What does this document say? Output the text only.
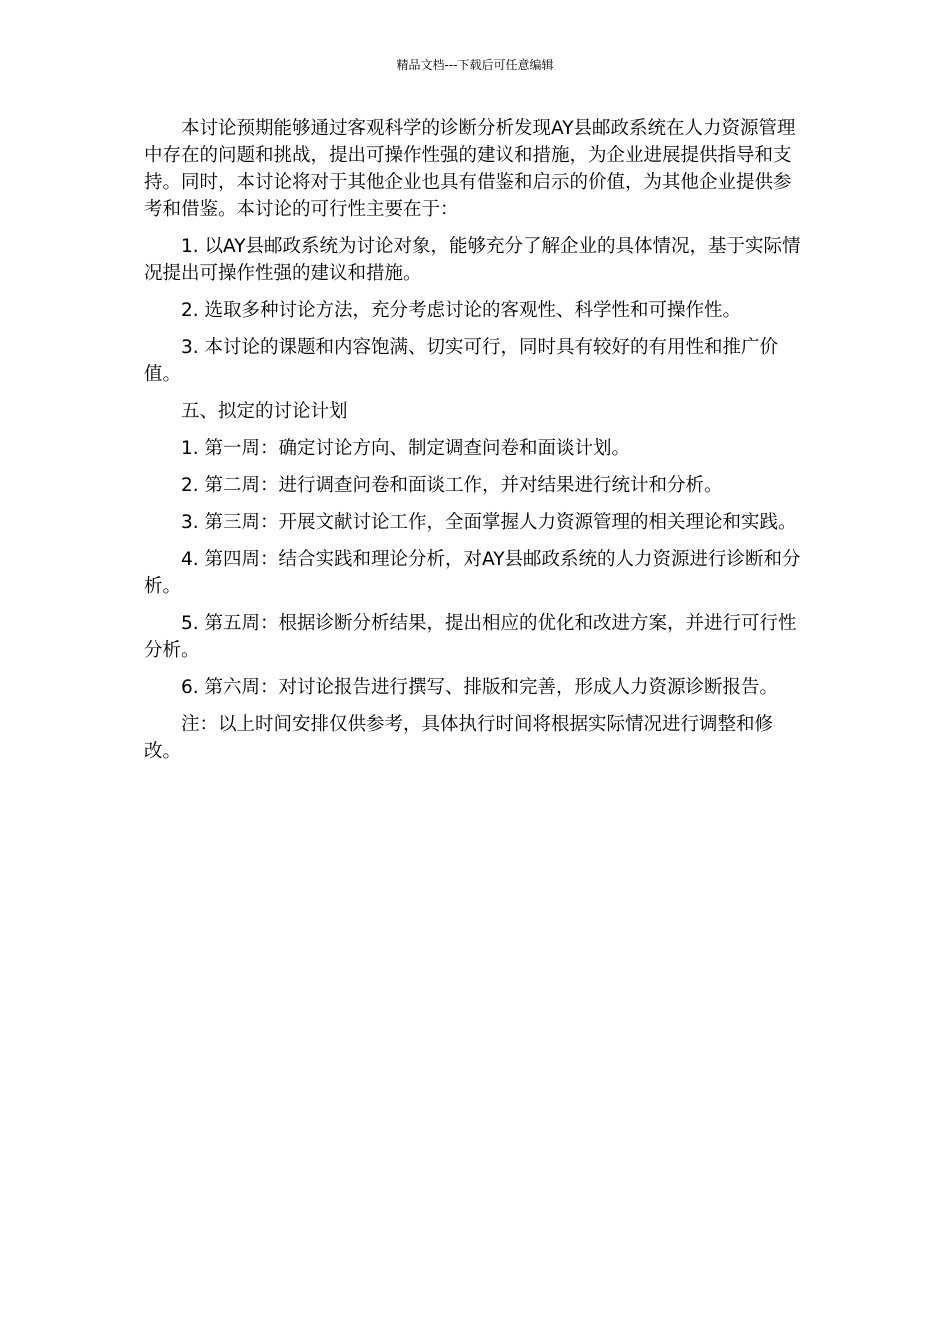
精品文档---下载后可任意编辑

本讨论预期能够通过客观科学的诊断分析发现AY县邮政系统在人力资源管理中存在的问题和挑战，提出可操作性强的建议和措施，为企业进展提供指导和支持。同时，本讨论将对于其他企业也具有借鉴和启示的价值，为其他企业提供参考和借鉴。本讨论的可行性主要在于：

1. 以AY县邮政系统为讨论对象，能够充分了解企业的具体情况，基于实际情况提出可操作性强的建议和措施。

2. 选取多种讨论方法，充分考虑讨论的客观性、科学性和可操作性。

3. 本讨论的课题和内容饱满、切实可行，同时具有较好的有用性和推广价值。

五、拟定的讨论计划

1. 第一周：确定讨论方向、制定调查问卷和面谈计划。

2. 第二周：进行调查问卷和面谈工作，并对结果进行统计和分析。

3. 第三周：开展文献讨论工作，全面掌握人力资源管理的相关理论和实践。

4. 第四周：结合实践和理论分析，对AY县邮政系统的人力资源进行诊断和分析。

5. 第五周：根据诊断分析结果，提出相应的优化和改进方案，并进行可行性分析。

6. 第六周：对讨论报告进行撰写、排版和完善，形成人力资源诊断报告。

注：以上时间安排仅供参考，具体执行时间将根据实际情况进行调整和修改。
